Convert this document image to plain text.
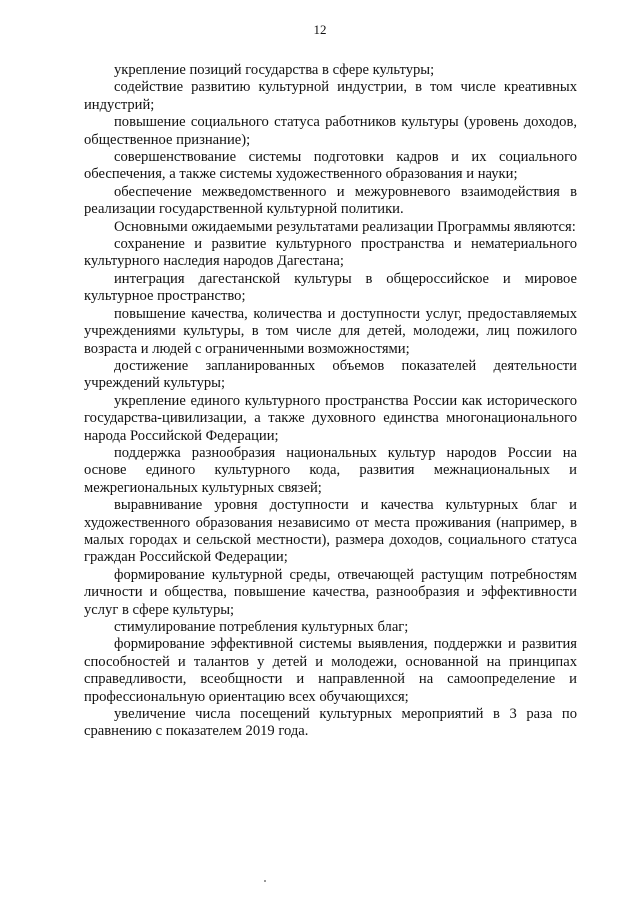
12

укрепление позиций государства в сфере культуры;

содействие развитию культурной индустрии, в том числе креативных индустрий;

повышение социального статуса работников культуры (уровень доходов, общественное признание);

совершенствование системы подготовки кадров и их социального обеспечения, а также системы художественного образования и науки;

обеспечение межведомственного и межуровневого взаимодействия в реализации государственной культурной политики.

Основными ожидаемыми результатами реализации Программы являются:

сохранение и развитие культурного пространства и нематериального культурного наследия народов Дагестана;

интеграция дагестанской культуры в общероссийское и мировое культурное пространство;

повышение качества, количества и доступности услуг, предоставляемых учреждениями культуры, в том числе для детей, молодежи, лиц пожилого возраста и людей с ограниченными возможностями;

достижение запланированных объемов показателей деятельности учреждений культуры;

укрепление единого культурного пространства России как исторического государства-цивилизации, а также духовного единства многонационального народа Российской Федерации;

поддержка разнообразия национальных культур народов России на основе единого культурного кода, развития межнациональных и межрегиональных культурных связей;

выравнивание уровня доступности и качества культурных благ и художественного образования независимо от места проживания (например, в малых городах и сельской местности), размера доходов, социального статуса граждан Российской Федерации;

формирование культурной среды, отвечающей растущим потребностям личности и общества, повышение качества, разнообразия и эффективности услуг в сфере культуры;

стимулирование потребления культурных благ;

формирование эффективной системы выявления, поддержки и развития способностей и талантов у детей и молодежи, основанной на принципах справедливости, всеобщности и направленной на самоопределение и профессиональную ориентацию всех обучающихся;

увеличение числа посещений культурных мероприятий в 3 раза по сравнению с показателем 2019 года.
